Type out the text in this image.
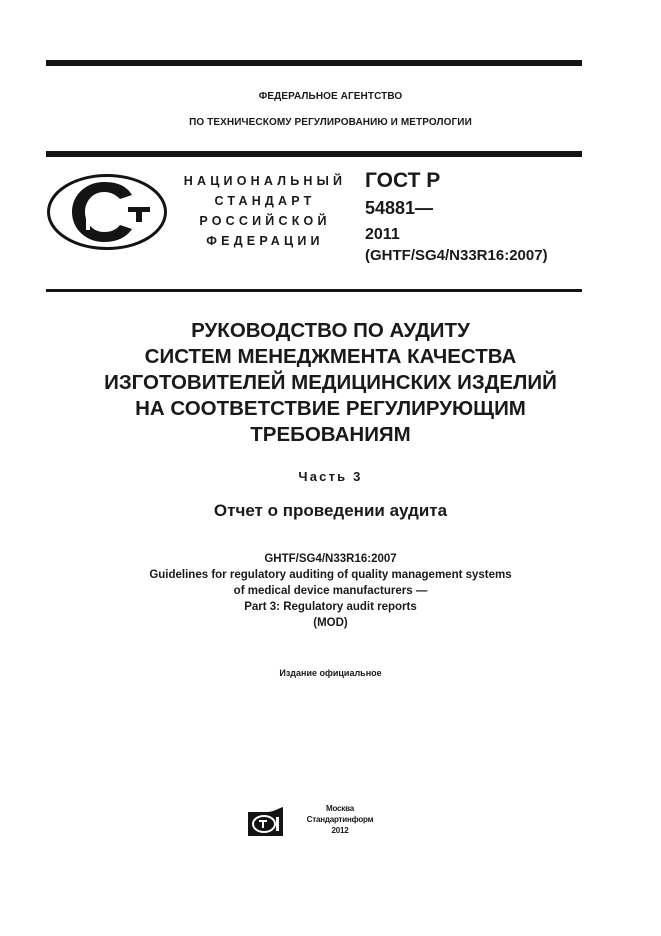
ФЕДЕРАЛЬНОЕ АГЕНТСТВО
ПО ТЕХНИЧЕСКОМУ РЕГУЛИРОВАНИЮ И МЕТРОЛОГИИ
НАЦИОНАЛЬНЫЙ
СТАНДАРТ
РОССИЙСКОЙ
ФЕДЕРАЦИИ
ГОСТ Р
54881—
2011
(GHTF/SG4/N33R16:2007)
РУКОВОДСТВО ПО АУДИТУ
СИСТЕМ МЕНЕДЖМЕНТА КАЧЕСТВА
ИЗГОТОВИТЕЛЕЙ МЕДИЦИНСКИХ ИЗДЕЛИЙ
НА СООТВЕТСТВИЕ РЕГУЛИРУЮЩИМ
ТРЕБОВАНИЯМ
Часть 3
Отчет о проведении аудита
GHTF/SG4/N33R16:2007
Guidelines for regulatory auditing of quality management systems
of medical device manufacturers —
Part 3: Regulatory audit reports
(MOD)
Издание официальное
Москва
Стандартинформ
2012
